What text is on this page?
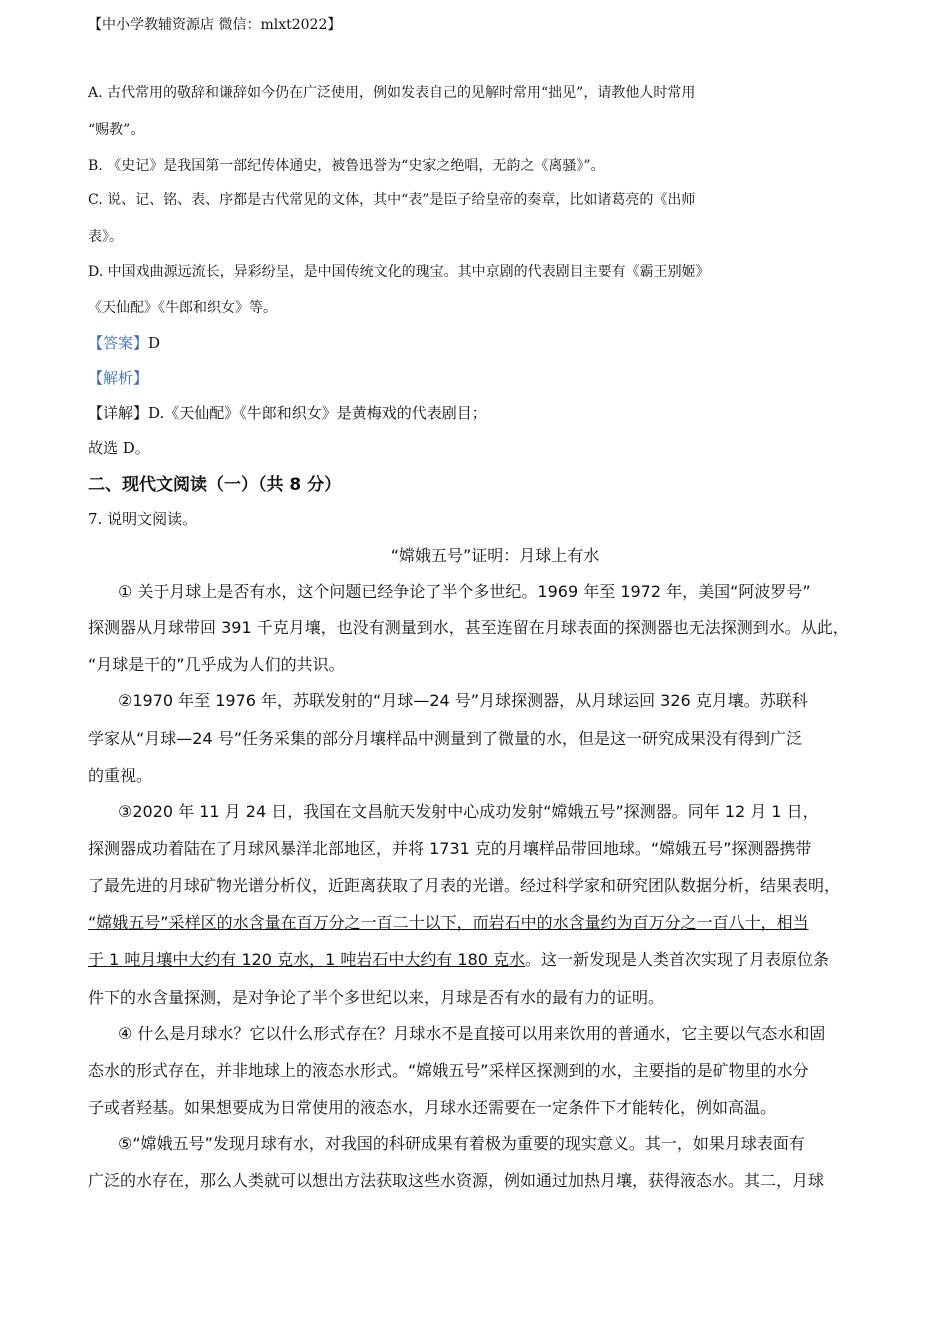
【中小学教辅资源店 微信：mlxt2022】
A. 古代常用的敬辞和谦辞如今仍在广泛使用，例如发表自己的见解时常用“拙见”，请教他人时常用
“赐教”。
B. 《史记》是我国第一部纪传体通史，被鲁迅誉为“史家之绝唱，无韵之《离骚》”。
C. 说、记、铭、表、序都是古代常见的文体，其中“表”是臣子给皇帝的奏章，比如诸葛亮的《出师
表》。
D. 中国戏曲源远流长，异彩纷呈，是中国传统文化的瑰宝。其中京剧的代表剧目主要有《霸王别姬》
《天仙配》《牛郎和织女》等。
【答案】D
【解析】
【详解】D.《天仙配》《牛郎和织女》是黄梅戏的代表剧目；
故选 D。
二、现代文阅读（一）（共 8 分）
7. 说明文阅读。
“嫦娥五号”证明：月球上有水
① 关于月球上是否有水，这个问题已经争论了半个多世纪。1969 年至 1972 年，美国“阿波罗号”
探测器从月球带回 391 千克月壤，也没有测量到水，甚至连留在月球表面的探测器也无法探测到水。从此，
“月球是干的”几乎成为人们的共识。
②1970 年至 1976 年，苏联发射的“月球—24 号”月球探测器，从月球运回 326 克月壤。苏联科
学家从“月球—24 号”任务采集的部分月壤样品中测量到了微量的水，但是这一研究成果没有得到广泛
的重视。
③2020 年 11 月 24 日，我国在文昌航天发射中心成功发射“嫦娥五号”探测器。同年 12 月 1 日，
探测器成功着陆在了月球风暴洋北部地区，并将 1731 克的月壤样品带回地球。“嫦娥五号”探测器携带
了最先进的月球矿物光谱分析仪，近距离获取了月表的光谱。经过科学家和研究团队数据分析，结果表明，
“嫦娥五号”采样区的水含量在百万分之一百二十以下，而岩石中的水含量约为百万分之一百八十，相当
于 1 吨月壤中大约有 120 克水，1 吨岩石中大约有 180 克水。这一新发现是人类首次实现了月表原位条
件下的水含量探测，是对争论了半个多世纪以来，月球是否有水的最有力的证明。
④ 什么是月球水？它以什么形式存在？月球水不是直接可以用来饮用的普通水，它主要以气态水和固
态水的形式存在，并非地球上的液态水形式。“嫦娥五号”采样区探测到的水，主要指的是矿物里的水分
子或者羟基。如果想要成为日常使用的液态水，月球水还需要在一定条件下才能转化，例如高温。
⑤“嫦娥五号”发现月球有水，对我国的科研成果有着极为重要的现实意义。其一，如果月球表面有
广泛的水存在，那么人类就可以想出方法获取这些水资源，例如通过加热月壤，获得液态水。其二，月球
